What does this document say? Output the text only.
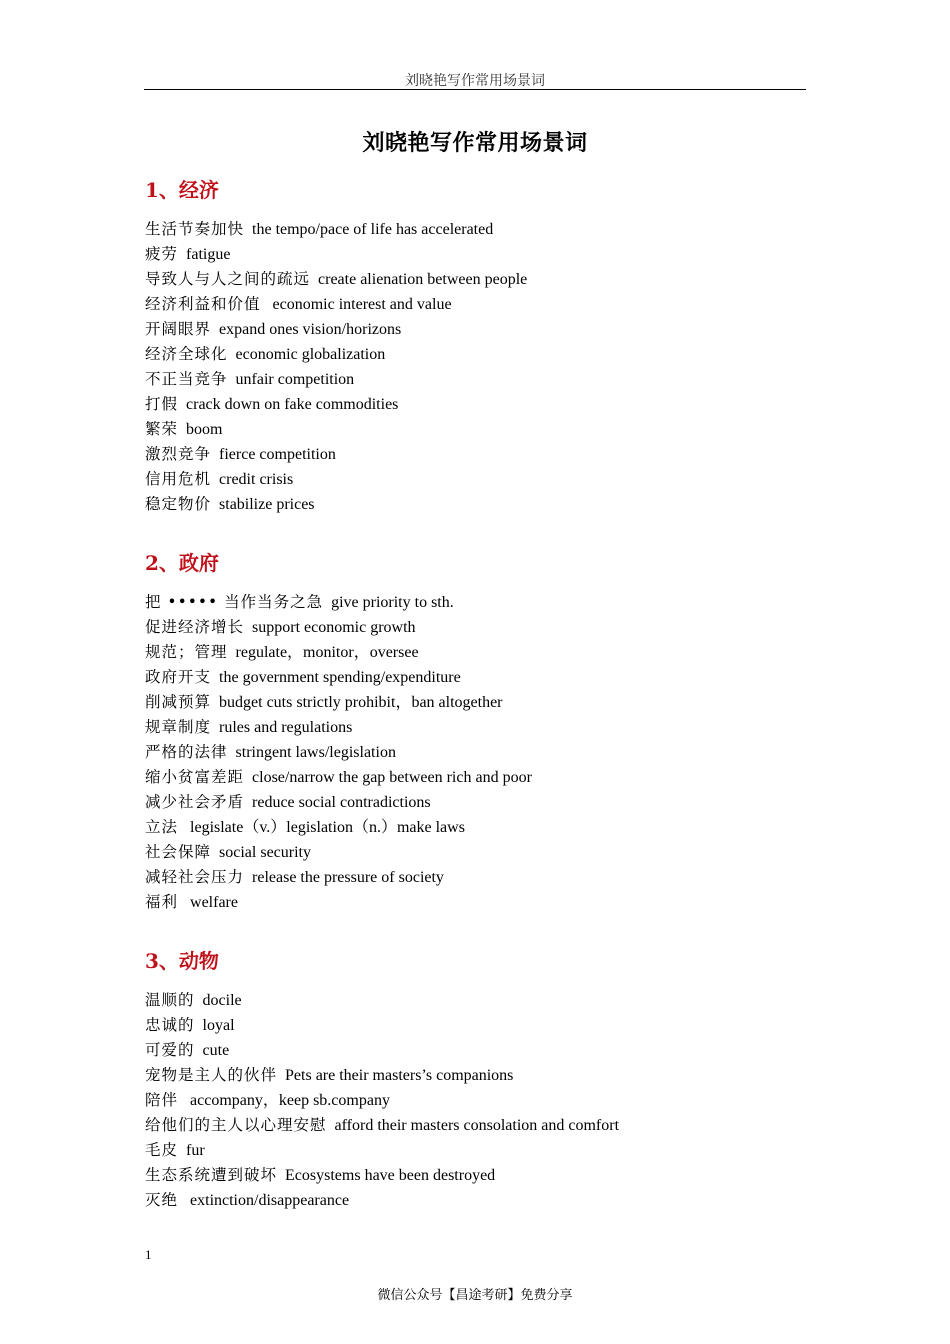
刘晓艳写作常用场景词
刘晓艳写作常用场景词
1、经济
生活节奏加快 the tempo/pace of life has accelerated
疲劳 fatigue
导致人与人之间的疏远 create alienation between people
经济利益和价值 economic interest and value
开阔眼界 expand ones vision/horizons
经济全球化 economic globalization
不正当竞争 unfair competition
打假 crack down on fake commodities
繁荣 boom
激烈竞争 fierce competition
信用危机 credit crisis
稳定物价 stabilize prices
2、政府
把 ••••• 当作当务之急 give priority to sth.
促进经济增长 support economic growth
规范；管理 regulate，monitor，oversee
政府开支 the government spending/expenditure
削减预算 budget cuts strictly prohibit，ban altogether
规章制度 rules and regulations
严格的法律 stringent laws/legislation
缩小贫富差距 close/narrow the gap between rich and poor
减少社会矛盾 reduce social contradictions
立法 legislate（v.）legislation（n.）make laws
社会保障 social security
减轻社会压力 release the pressure of society
福利 welfare
3、动物
温顺的 docile
忠诚的 loyal
可爱的 cute
宠物是主人的伙伴 Pets are their masters’s companions
陪伴 accompany，keep sb.company
给他们的主人以心理安慰 afford their masters consolation and comfort
毛皮 fur
生态系统遭到破坏 Ecosystems have been destroyed
灭绝 extinction/disappearance
1
微信公众号【昌途考研】免费分享
